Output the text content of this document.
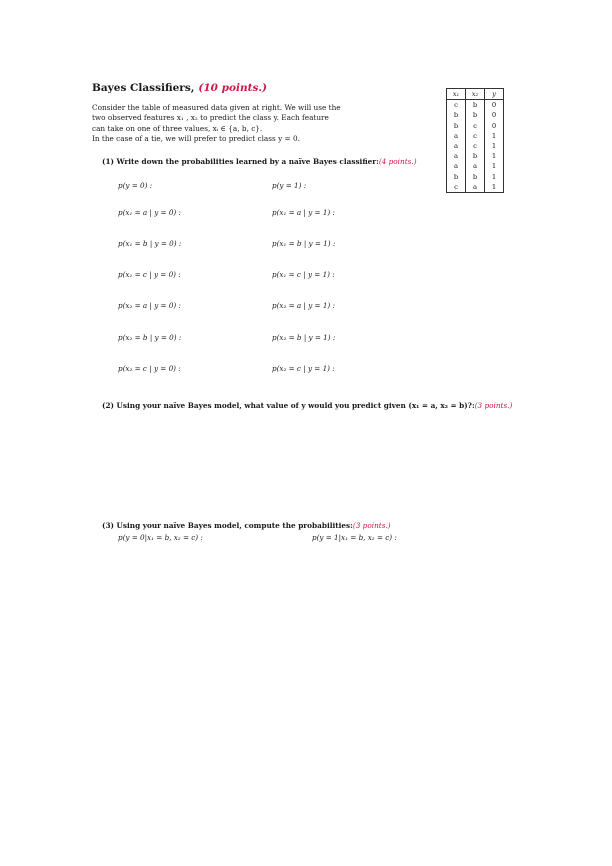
Bayes Classifiers, (10 points.)
Consider the table of measured data given at right. We will use the
two observed features x₁ , x₂ to predict the class y. Each feature
can take on one of three values, xᵢ ∈ {a, b, c}.
In the case of a tie, we will prefer to predict class y = 0.
x₁	x₂	y
c	b	0
b	b	0
b	c	0
a	c	1
a	c	1
a	b	1
a	a	1
b	b	1
c	a	1
(1) Write down the probabilities learned by a naı̈ve Bayes classifier:(4 points.)
p(y = 0) :	p(y = 1) :
p(x₁ = a | y = 0) :	p(x₁ = a | y = 1) :
p(x₁ = b | y = 0) :	p(x₁ = b | y = 1) :
p(x₁ = c | y = 0) :	p(x₁ = c | y = 1) :
p(x₂ = a | y = 0) :	p(x₂ = a | y = 1) :
p(x₂ = b | y = 0) :	p(x₂ = b | y = 1) :
p(x₂ = c | y = 0) :	p(x₂ = c | y = 1) :
(2) Using your naïve Bayes model, what value of y would you predict given (x₁ = a, x₂ = b)?:(3 points.)
(3) Using your naïve Bayes model, compute the probabilities:(3 points.)
p(y = 0|x₁ = b, x₂ = c) :	p(y = 1|x₁ = b, x₂ = c) :
